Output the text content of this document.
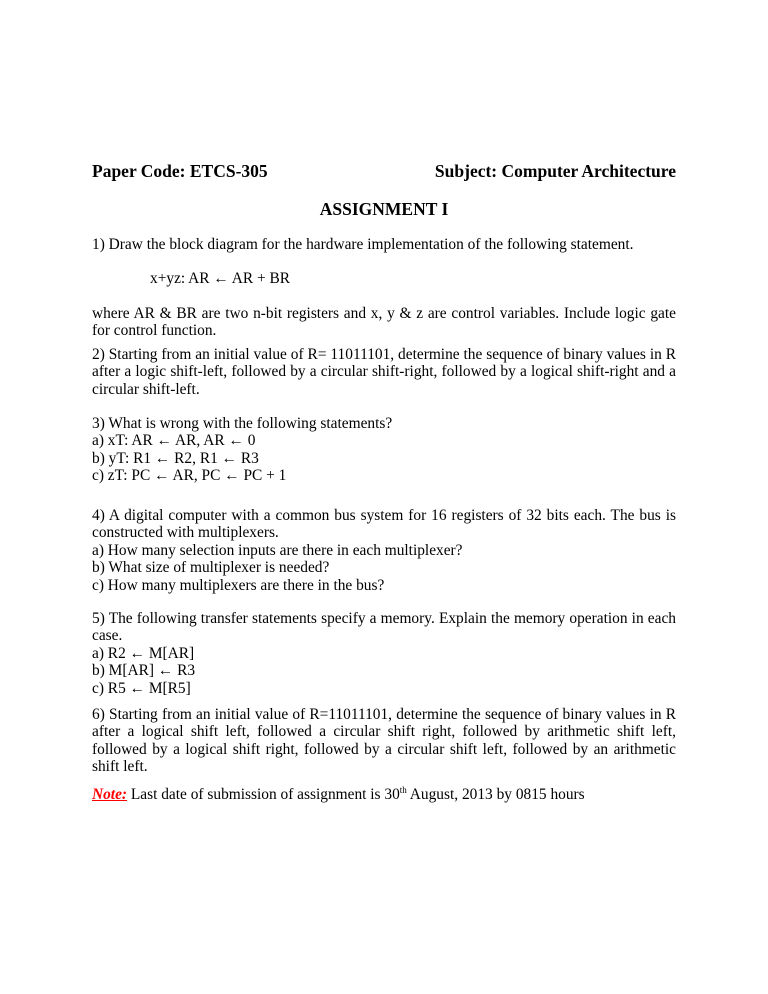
Paper Code: ETCS-305	Subject: Computer Architecture
ASSIGNMENT I

1) Draw the block diagram for the hardware implementation of the following statement.

x+yz: AR ← AR + BR

where AR & BR are two n-bit registers and x, y & z are control variables. Include logic gate for control function.

2) Starting from an initial value of R= 11011101, determine the sequence of binary values in R after a logic shift-left, followed by a circular shift-right, followed by a logical shift-right and a circular shift-left.

3) What is wrong with the following statements?

a) xT: AR ← AR, AR ← 0
b) yT: R1 ← R2, R1 ← R3
c) zT: PC ← AR, PC ← PC + 1

4) A digital computer with a common bus system for 16 registers of 32 bits each. The bus is constructed with multiplexers.

a) How many selection inputs are there in each multiplexer?
b) What size of multiplexer is needed?
c) How many multiplexers are there in the bus?

5) The following transfer statements specify a memory. Explain the memory operation in each case.

a) R2 ← M[AR]
b) M[AR] ← R3
c) R5 ← M[R5]

6) Starting from an initial value of R=11011101, determine the sequence of binary values in R after a logical shift left, followed a circular shift right, followed by arithmetic shift left, followed by a logical shift right, followed by a circular shift left, followed by an arithmetic shift left.

Note: Last date of submission of assignment is 30th August, 2013 by 0815 hours
